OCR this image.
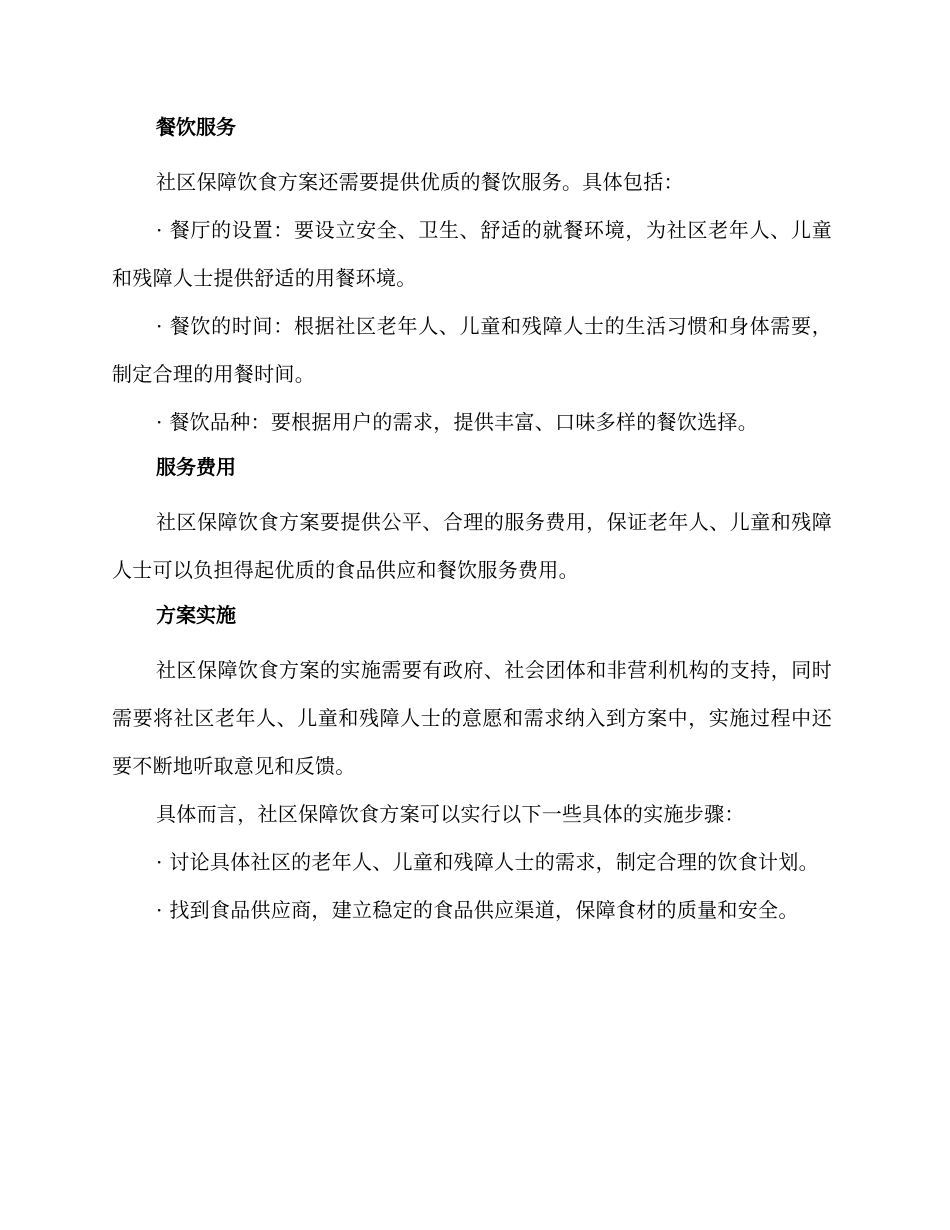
餐饮服务

社区保障饮食方案还需要提供优质的餐饮服务。具体包括：

· 餐厅的设置：要设立安全、卫生、舒适的就餐环境，为社区老年人、儿童和残障人士提供舒适的用餐环境。

· 餐饮的时间：根据社区老年人、儿童和残障人士的生活习惯和身体需要，制定合理的用餐时间。

· 餐饮品种：要根据用户的需求，提供丰富、口味多样的餐饮选择。

服务费用

社区保障饮食方案要提供公平、合理的服务费用，保证老年人、儿童和残障人士可以负担得起优质的食品供应和餐饮服务费用。

方案实施

社区保障饮食方案的实施需要有政府、社会团体和非营利机构的支持，同时需要将社区老年人、儿童和残障人士的意愿和需求纳入到方案中，实施过程中还要不断地听取意见和反馈。

具体而言，社区保障饮食方案可以实行以下一些具体的实施步骤：

· 讨论具体社区的老年人、儿童和残障人士的需求，制定合理的饮食计划。

· 找到食品供应商，建立稳定的食品供应渠道，保障食材的质量和安全。
